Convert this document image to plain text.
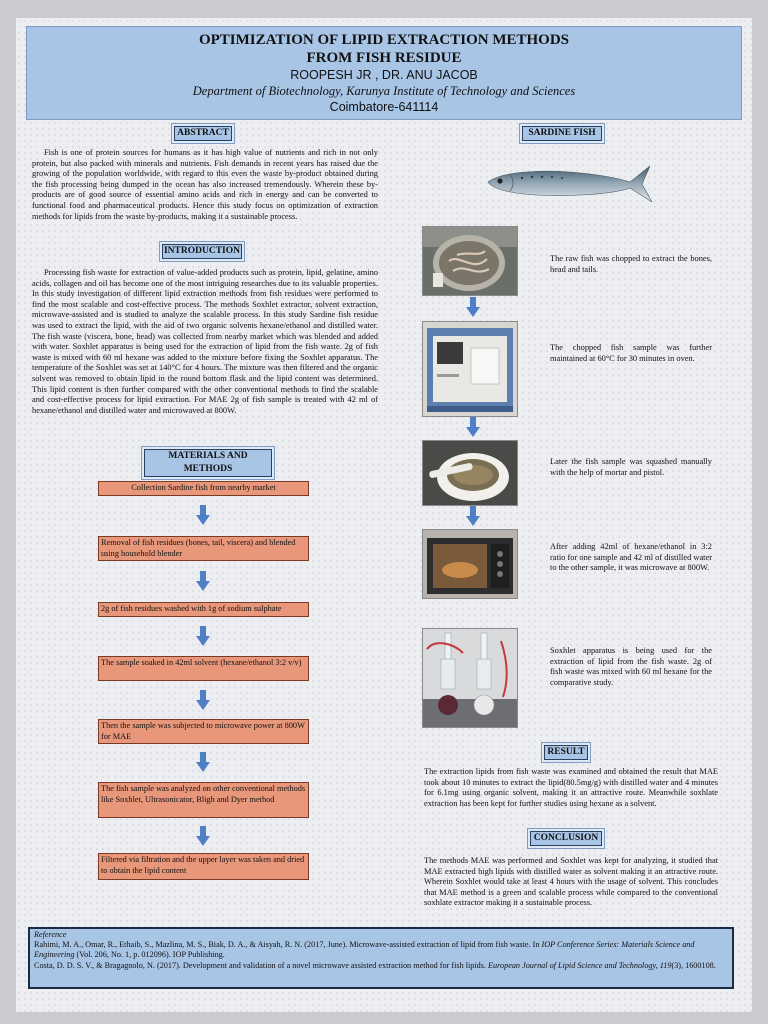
OPTIMIZATION OF LIPID EXTRACTION METHODS
FROM FISH RESIDUE
ROOPESH JR , DR. ANU JACOB
Department of Biotechnology, Karunya Institute of Technology and Sciences
Coimbatore-641114
ABSTRACT
Fish is one of protein sources for humans as it has high value of nutrients and rich in not only protein, but also packed with minerals and nutrients. Fish demands in recent years has raised due the growing of the population worldwide, with regard to this even the waste by-product obtained during the fish processing being dumped in the ocean has also increased tremendously. Wherein these by-products are of good source of essential amino acids and rich in energy and can be converted to functional food and pharmaceutical products. Hence this study focus on optimization of extraction methods for lipids from the waste by-products, making it a sustainable process.
INTRODUCTION
Processing fish waste for extraction of value-added products such as protein, lipid, gelatine, amino acids, collagen and oil has become one of the most intriguing researches due to its valuable properties. In this study investigation of different lipid extraction methods from fish residues were performed to find the most scalable and cost-effective process. The methods Soxhlet extractor, solvent extraction, microwave-assisted and is studied to analyze the scalable process. In this study Sardine fish residue was used to extract the lipid, with the aid of two organic solvents hexane/ethanol and distilled water. The fish waste (viscera, bone, head) was collected from nearby market which was blended and added with water. Soxhlet apparatus is being used for the extraction of lipid from the fish waste. 2g of fish waste is mixed with 60 ml hexane was added to the mixture before fixing the Soxhlet apparatus. The temperature of the Soxhlet was set at 140°C for 4 hours. The mixture was then filtered and the organic solvent was removed to obtain lipid in the round bottom flask and the lipid content was determined. This lipid content is then further compared with the other conventional methods to find the scalable and cost-effective process for lipid extraction. For MAE 2g of fish sample is treated with 42 ml of hexane/ethanol and distilled water and microwaved at 800W.
MATERIALS AND METHODS
Collection Sardine fish from nearby market
Removal of fish residues (bones, tail, viscera) and blended using household blender
2g of fish residues washed with 1g of sodium sulphate
The sample soaked in 42ml solvent (hexane/ethanol 3:2 v/v)
Then the sample was subjected to microwave power at 800W for MAE
The fish sample was analyzed on other conventional methods like Soxhlet, Ultrasonicator, Bligh and Dyer method
Filtered via filtration and the upper layer was taken and dried to obtain the lipid content
SARDINE FISH
The raw fish was chopped to extract the bones, head and tails.
The chopped fish sample was further maintained at 60°C for 30 minutes in oven.
Later the fish sample was squashed manually with the help of mortar and pistol.
After adding 42ml of hexane/ethanol in 3:2 ratio for one sample and 42 ml of distilled water to the other sample, it was microwave at 800W.
Soxhlet apparatus is being used for the extraction of lipid from the fish waste. 2g of fish waste was mixed with 60 ml hexane for the comparative study.
RESULT
The extraction lipids from fish waste was examined and obtained the result that MAE took about 10 minutes to extract the lipid(80.5mg/g) with distilled water and 4 minutes for 6.1mg using organic solvent, making it an attractive route. Meanwhile soxhlate extraction has been kept for further studies using hexane as a solvent.
CONCLUSION
The methods MAE was performed and Soxhlet was kept for analyzing, it studied that MAE extracted high lipids with distilled water as solvent making it an attractive route. Wherein Soxhlet would take at least 4 hours with the usage of solvent. This concludes that MAE method is a green and scalable process while compared to the conventional soxhlate extractor making it a sustainable process.
Reference
Rahimi, M. A., Omar, R., Ethaib, S., Mazlina, M. S., Biak, D. A., & Aisyah, R. N. (2017, June). Microwave-assisted extraction of lipid from fish waste. In IOP Conference Series: Materials Science and Engineering (Vol. 206, No. 1, p. 012096). IOP Publishing.
Costa, D. D. S. V., & Bragagnolo, N. (2017). Development and validation of a novel microwave assisted extraction method for fish lipids. European Journal of Lipid Science and Technology, 119(3), 1600108.
